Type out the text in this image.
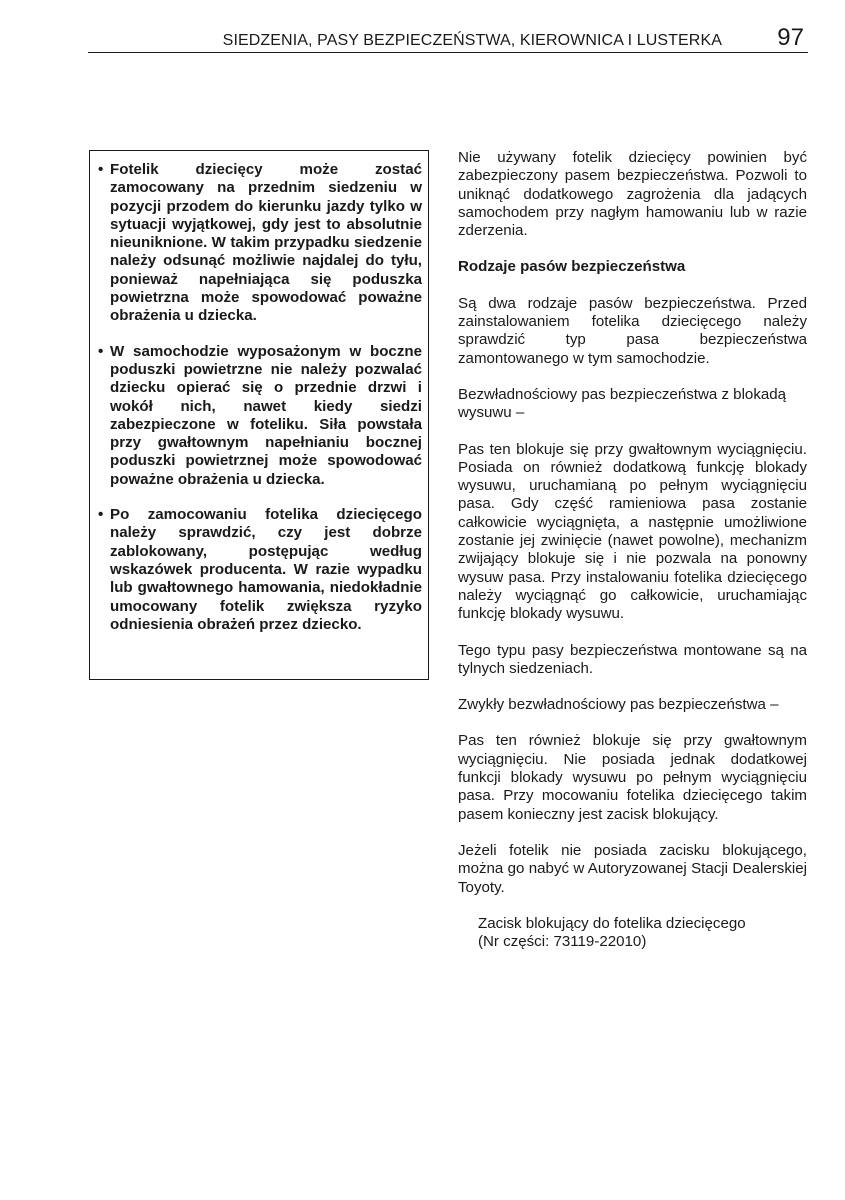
SIEDZENIA, PASY BEZPIECZEŃSTWA, KIEROWNICA I LUSTERKA 97
• Fotelik dziecięcy może zostać zamocowany na przednim siedzeniu w pozycji przodem do kierunku jazdy tylko w sytuacji wyjątkowej, gdy jest to absolutnie nieuniknione. W takim przypadku siedzenie należy odsunąć możliwie najdalej do tyłu, ponieważ napełniająca się poduszka powietrzna może spowodować poważne obrażenia u dziecka.
• W samochodzie wyposażonym w boczne poduszki powietrzne nie należy pozwalać dziecku opierać się o przednie drzwi i wokół nich, nawet kiedy siedzi zabezpieczone w foteliku. Siła powstała przy gwałtownym napełnianiu bocznej poduszki powietrznej może spowodować poważne obrażenia u dziecka.
• Po zamocowaniu fotelika dziecięcego należy sprawdzić, czy jest dobrze zablokowany, postępując według wskazówek producenta. W razie wypadku lub gwałtownego hamowania, niedokładnie umocowany fotelik zwiększa ryzyko odniesienia obrażeń przez dziecko.

Nie używany fotelik dziecięcy powinien być zabezpieczony pasem bezpieczeństwa. Pozwoli to uniknąć dodatkowego zagrożenia dla jadących samochodem przy nagłym hamowaniu lub w razie zderzenia.

Rodzaje pasów bezpieczeństwa

Są dwa rodzaje pasów bezpieczeństwa. Przed zainstalowaniem fotelika dziecięcego należy sprawdzić typ pasa bezpieczeństwa zamontowanego w tym samochodzie.

Bezwładnościowy pas bezpieczeństwa z blokadą wysuwu –

Pas ten blokuje się przy gwałtownym wyciągnięciu. Posiada on również dodatkową funkcję blokady wysuwu, uruchamianą po pełnym wyciągnięciu pasa. Gdy część ramieniowa pasa zostanie całkowicie wyciągnięta, a następnie umożliwione zostanie jej zwinięcie (nawet powolne), mechanizm zwijający blokuje się i nie pozwala na ponowny wysuw pasa. Przy instalowaniu fotelika dziecięcego należy wyciągnąć go całkowicie, uruchamiając funkcję blokady wysuwu.

Tego typu pasy bezpieczeństwa montowane są na tylnych siedzeniach.

Zwykły bezwładnościowy pas bezpieczeństwa –

Pas ten również blokuje się przy gwałtownym wyciągnięciu. Nie posiada jednak dodatkowej funkcji blokady wysuwu po pełnym wyciągnięciu pasa. Przy mocowaniu fotelika dziecięcego takim pasem konieczny jest zacisk blokujący.

Jeżeli fotelik nie posiada zacisku blokującego, można go nabyć w Autoryzowanej Stacji Dealerskiej Toyoty.

Zacisk blokujący do fotelika dziecięcego
(Nr części: 73119-22010)
